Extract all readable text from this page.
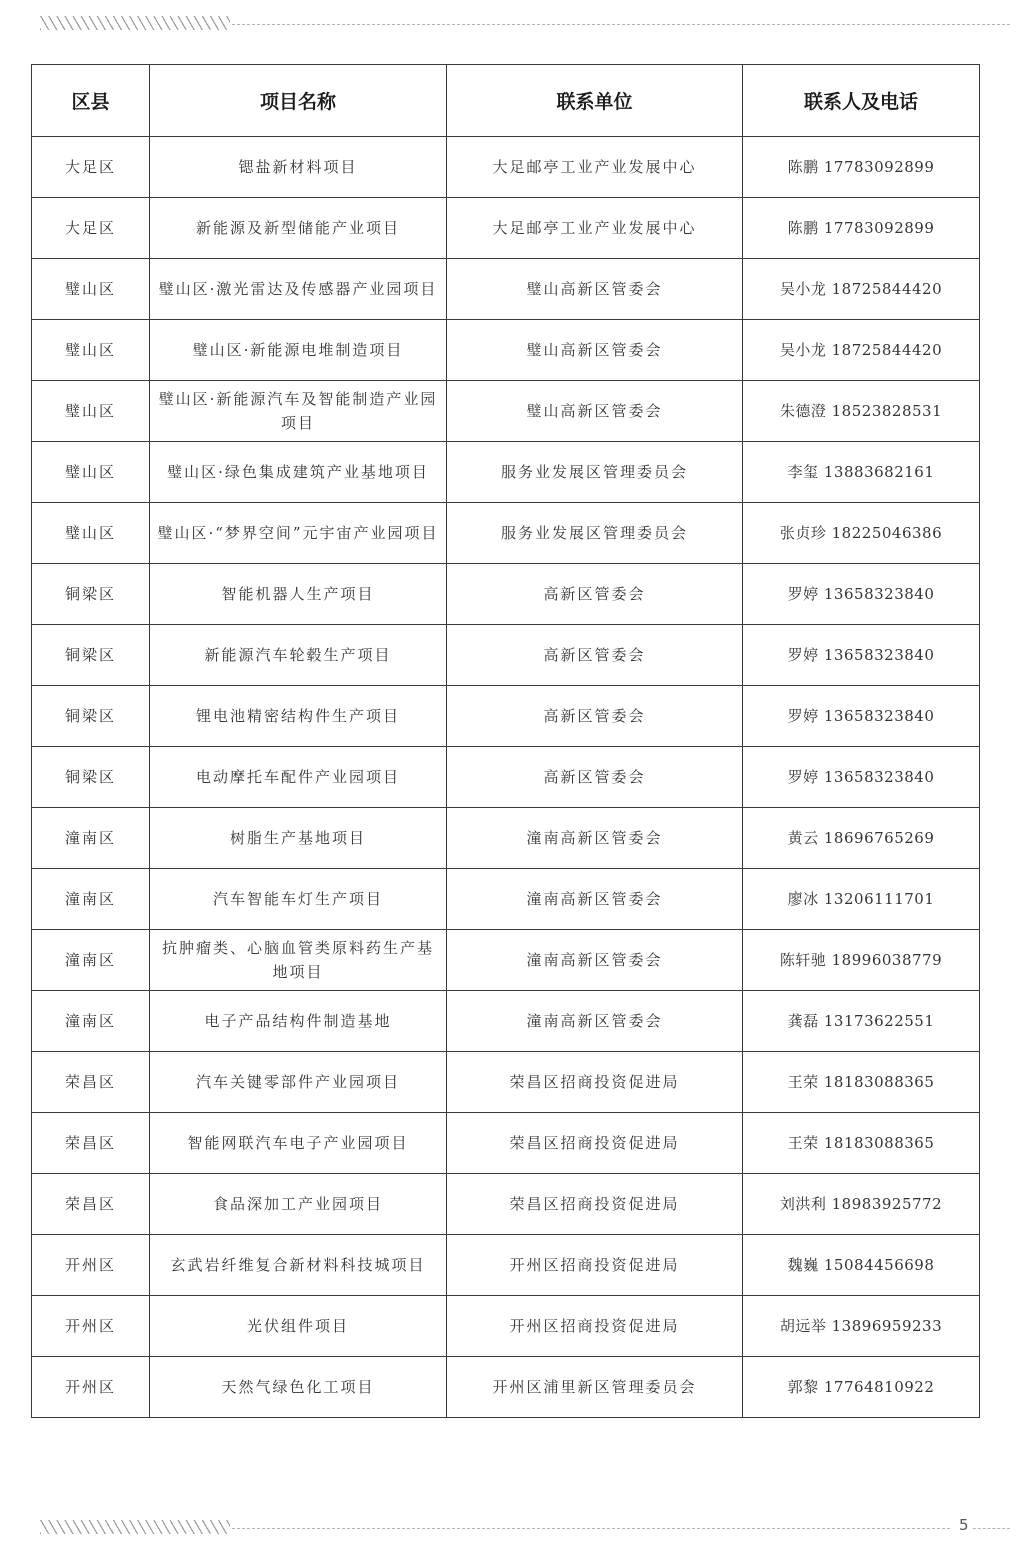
区县	项目名称	联系单位	联系人及电话
大足区	锶盐新材料项目	大足邮亭工业产业发展中心	陈鹏 17783092899
大足区	新能源及新型储能产业项目	大足邮亭工业产业发展中心	陈鹏 17783092899
璧山区	璧山区·激光雷达及传感器产业园项目	璧山高新区管委会	吴小龙 18725844420
璧山区	璧山区·新能源电堆制造项目	璧山高新区管委会	吴小龙 18725844420
璧山区	璧山区·新能源汽车及智能制造产业园项目	璧山高新区管委会	朱德澄 18523828531
璧山区	璧山区·绿色集成建筑产业基地项目	服务业发展区管理委员会	李玺 13883682161
璧山区	璧山区·“梦界空间”元宇宙产业园项目	服务业发展区管理委员会	张贞珍 18225046386
铜梁区	智能机器人生产项目	高新区管委会	罗婷 13658323840
铜梁区	新能源汽车轮毂生产项目	高新区管委会	罗婷 13658323840
铜梁区	锂电池精密结构件生产项目	高新区管委会	罗婷 13658323840
铜梁区	电动摩托车配件产业园项目	高新区管委会	罗婷 13658323840
潼南区	树脂生产基地项目	潼南高新区管委会	黄云 18696765269
潼南区	汽车智能车灯生产项目	潼南高新区管委会	廖冰 13206111701
潼南区	抗肿瘤类、心脑血管类原料药生产基地项目	潼南高新区管委会	陈轩驰 18996038779
潼南区	电子产品结构件制造基地	潼南高新区管委会	龚磊 13173622551
荣昌区	汽车关键零部件产业园项目	荣昌区招商投资促进局	王荣 18183088365
荣昌区	智能网联汽车电子产业园项目	荣昌区招商投资促进局	王荣 18183088365
荣昌区	食品深加工产业园项目	荣昌区招商投资促进局	刘洪利 18983925772
开州区	玄武岩纤维复合新材料科技城项目	开州区招商投资促进局	魏巍 15084456698
开州区	光伏组件项目	开州区招商投资促进局	胡远举 13896959233
开州区	天然气绿色化工项目	开州区浦里新区管理委员会	郭黎 17764810922
5
